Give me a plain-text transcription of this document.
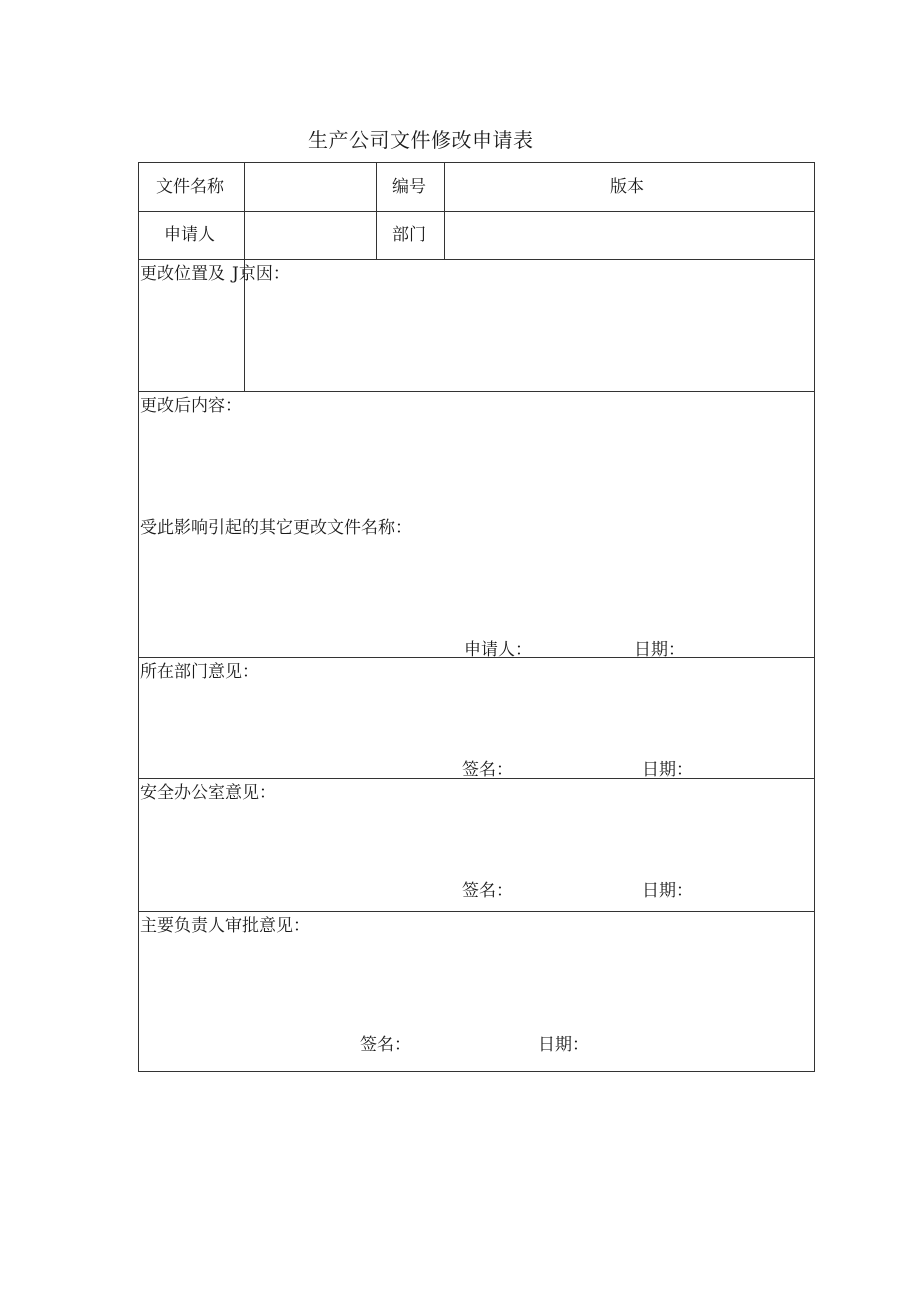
生产公司文件修改申请表
文件名称	编号	版本
申请人	部门
更改位置及 J京因：
更改后内容：
受此影响引起的其它更改文件名称：
申请人：	日期：
所在部门意见：
签名：	日期：
安全办公室意见：
签名：	日期：
主要负责人审批意见：
签名：	日期：
